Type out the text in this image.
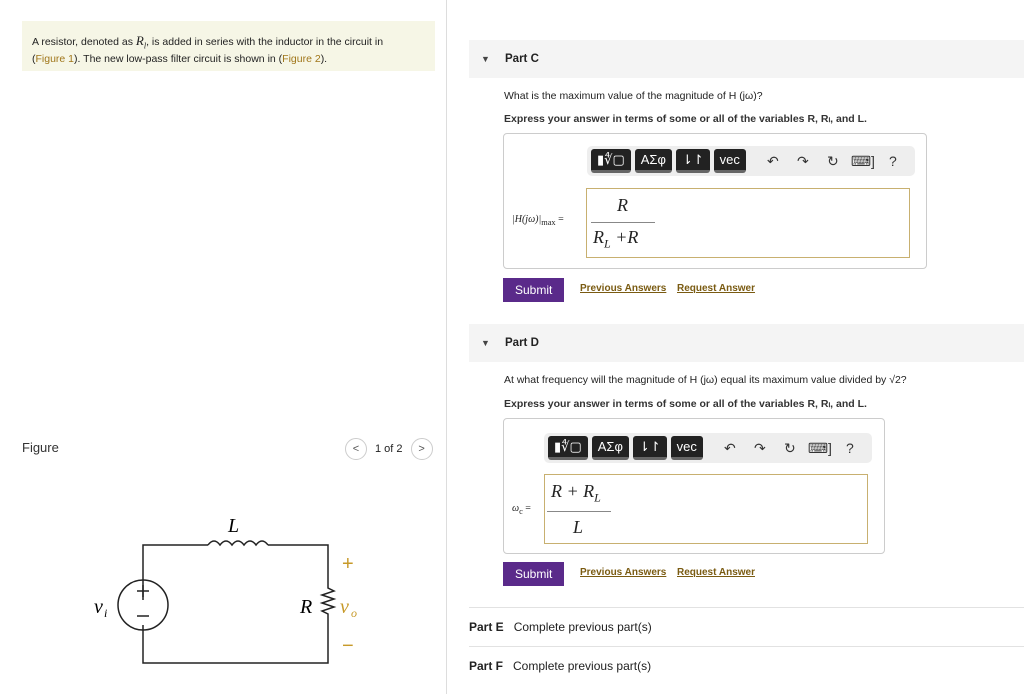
A resistor, denoted as $R_l$, is added in series with the inductor in the circuit in
(Figure 1). The new low-pass filter circuit is shown in (Figure 2).
Figure	<	1 of 2	>
L
R
v i	v o
+
−
▼	Part C
What is the maximum value of the magnitude of H (jω)?
Express your answer in terms of some or all of the variables R, Rₗ, and L.
▮∜▢	ΑΣφ	⇂↾	vec	↶	↷	↻ ⌨]	?
$|H(j\omega)|_{max}$ =
R
$R_L +R$
Submit	Previous Answers Request Answer
▼	Part D
At what frequency will the magnitude of H (jω) equal its maximum value divided by √2?
Express your answer in terms of some or all of the variables R, Rₗ, and L.
▮∜▢	ΑΣφ	⇂↾	vec	↶	↷	↻ ⌨]	?
$\omega_c$ =
$R + R_L$
L
Submit	Previous Answers Request Answer
Part E Complete previous part(s)
Part F Complete previous part(s)
